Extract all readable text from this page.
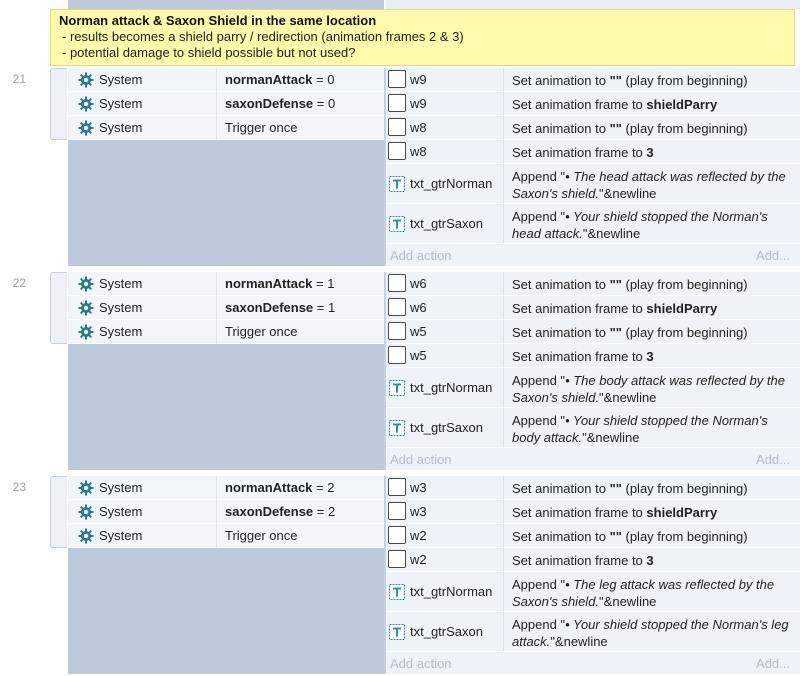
Norman attack & Saxon Shield in the same location
- results becomes a shield parry / redirection (animation frames 2 & 3)
- potential damage to shield possible but not used?
21	System	normanAttack = 0
System	saxonDefense = 0
System	Trigger once
w9	Set animation to "" (play from beginning)
w9	Set animation frame to shieldParry
w8	Set animation to "" (play from beginning)
w8	Set animation frame to 3
txt_gtrNorman Append "• The head attack was reflected by the Saxon's shield."&newline
txt_gtrSaxon Append "• Your shield stopped the Norman's head attack."&newline
Add action	Add...
22	System	normanAttack = 1
System	saxonDefense = 1
System	Trigger once
w6	Set animation to "" (play from beginning)
w6	Set animation frame to shieldParry
w5	Set animation to "" (play from beginning)
w5	Set animation frame to 3
txt_gtrNorman Append "• The body attack was reflected by the Saxon's shield."&newline
txt_gtrSaxon Append "• Your shield stopped the Norman's body attack."&newline
Add action	Add...
23	System	normanAttack = 2
System	saxonDefense = 2
System	Trigger once
w3	Set animation to "" (play from beginning)
w3	Set animation frame to shieldParry
w2	Set animation to "" (play from beginning)
w2	Set animation frame to 3
txt_gtrNorman Append "• The leg attack was reflected by the Saxon's shield."&newline
txt_gtrSaxon Append "• Your shield stopped the Norman's leg attack."&newline
Add action	Add...
